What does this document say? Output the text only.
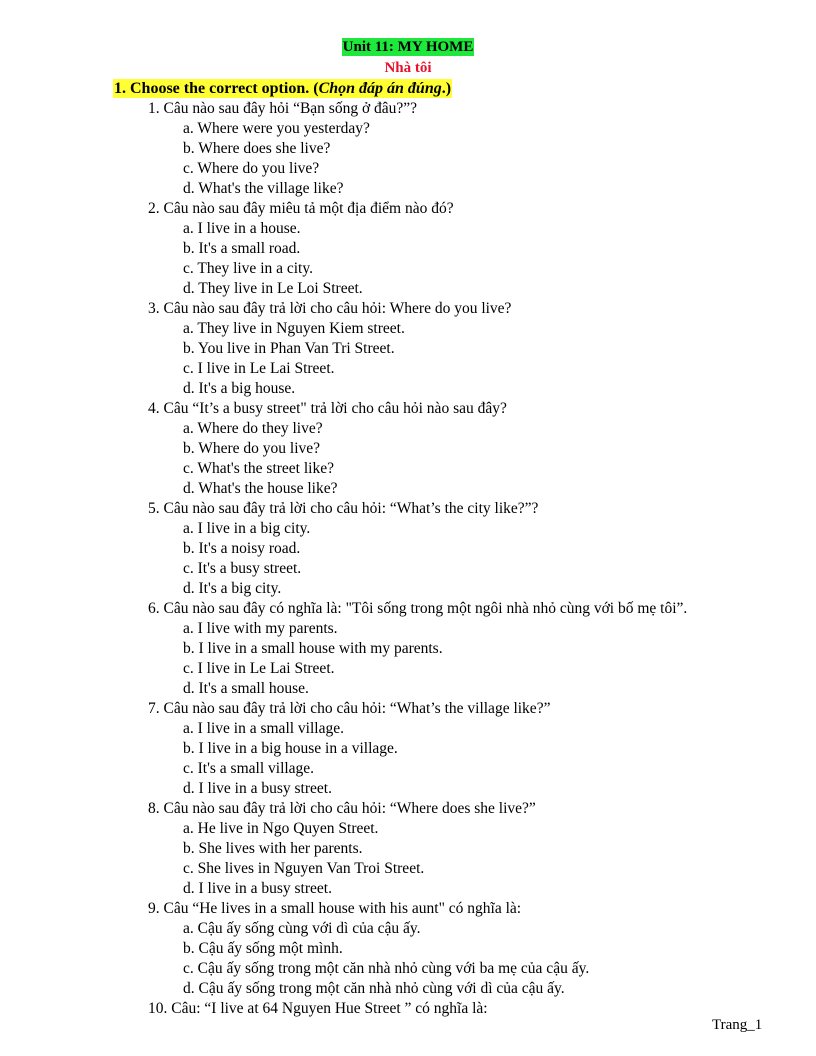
Unit 11: MY HOME
Nhà tôi
1. Choose the correct option. (Chọn đáp án đúng.)
1. Câu nào sau đây hỏi “Bạn sống ở đâu?”?
a. Where were you yesterday?
b. Where does she live?
c. Where do you live?
d. What's the village like?
2. Câu nào sau đây miêu tả một địa điểm nào đó?
a. I live in a house.
b. It's a small road.
c. They live in a city.
d. They live in Le Loi Street.
3. Câu nào sau đây trả lời cho câu hỏi: Where do you live?
a. They live in Nguyen Kiem street.
b. You live in Phan Van Tri Street.
c. I live in Le Lai Street.
d. It's a big house.
4. Câu “It’s a busy street" trả lời cho câu hỏi nào sau đây?
a. Where do they live?
b. Where do you live?
c. What's the street like?
d. What's the house like?
5. Câu nào sau đây trả lời cho câu hỏi: “What’s the city like?”?
a. I live in a big city.
b. It's a noisy road.
c. It's a busy street.
d. It's a big city.
6. Câu nào sau đây có nghĩa là: "Tôi sống trong một ngôi nhà nhỏ cùng với bố mẹ tôi”.
a. I live with my parents.
b. I live in a small house with my parents.
c. I live in Le Lai Street.
d. It's a small house.
7. Câu nào sau đây trả lời cho câu hỏi: “What’s the village like?”
a. I live in a small village.
b. I live in a big house in a village.
c. It's a small village.
d. I live in a busy street.
8. Câu nào sau đây trả lời cho câu hỏi: “Where does she live?”
a. He live in Ngo Quyen Street.
b. She lives with her parents.
c. She lives in Nguyen Van Troi Street.
d. I live in a busy street.
9. Câu “He lives in a small house with his aunt" có nghĩa là:
a. Cậu ấy sống cùng với dì của cậu ấy.
b. Cậu ấy sống một mình.
c. Cậu ấy sống trong một căn nhà nhỏ cùng với ba mẹ của cậu ấy.
d. Cậu ấy sống trong một căn nhà nhỏ cùng với dì của cậu ấy.
10. Câu: “I live at 64 Nguyen Hue Street ” có nghĩa là:
Trang_1
